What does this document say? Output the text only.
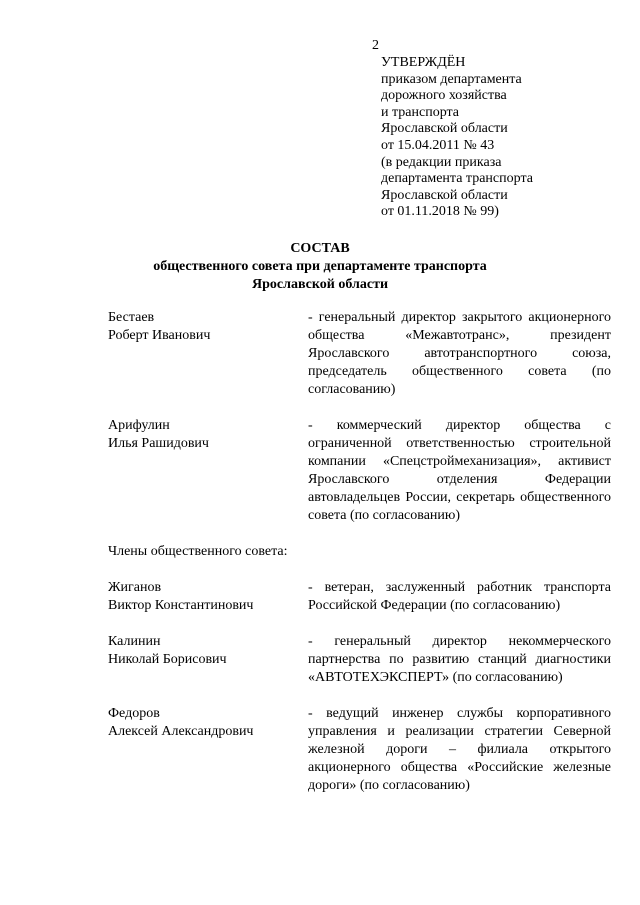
2
УТВЕРЖДЁН
приказом департамента
дорожного хозяйства
и транспорта
Ярославской области
от 15.04.2011 № 43
(в редакции приказа
департамента транспорта
Ярославской области
от 01.11.2018 № 99)
СОСТАВ
общественного совета при департаменте транспорта
Ярославской области
Бестаев
Роберт Иванович
- генеральный директор закрытого акционерного общества «Межавтотранс», президент Ярославского автотранспортного союза, председатель общественного совета (по согласованию)
Арифулин
Илья Рашидович
- коммерческий директор общества с ограниченной ответственностью строительной компании «Спецстроймеханизация», активист Ярославского отделения Федерации автовладельцев России, секретарь общественного совета (по согласованию)
Члены общественного совета:
Жиганов
Виктор Константинович
- ветеран, заслуженный работник транспорта Российской Федерации (по согласованию)
Калинин
Николай Борисович
- генеральный директор некоммерческого партнерства по развитию станций диагностики «АВТОТЕХЭКСПЕРТ» (по согласованию)
Федоров
Алексей Александрович
- ведущий инженер службы корпоративного управления и реализации стратегии Северной железной дороги – филиала открытого акционерного общества «Российские железные дороги» (по согласованию)
